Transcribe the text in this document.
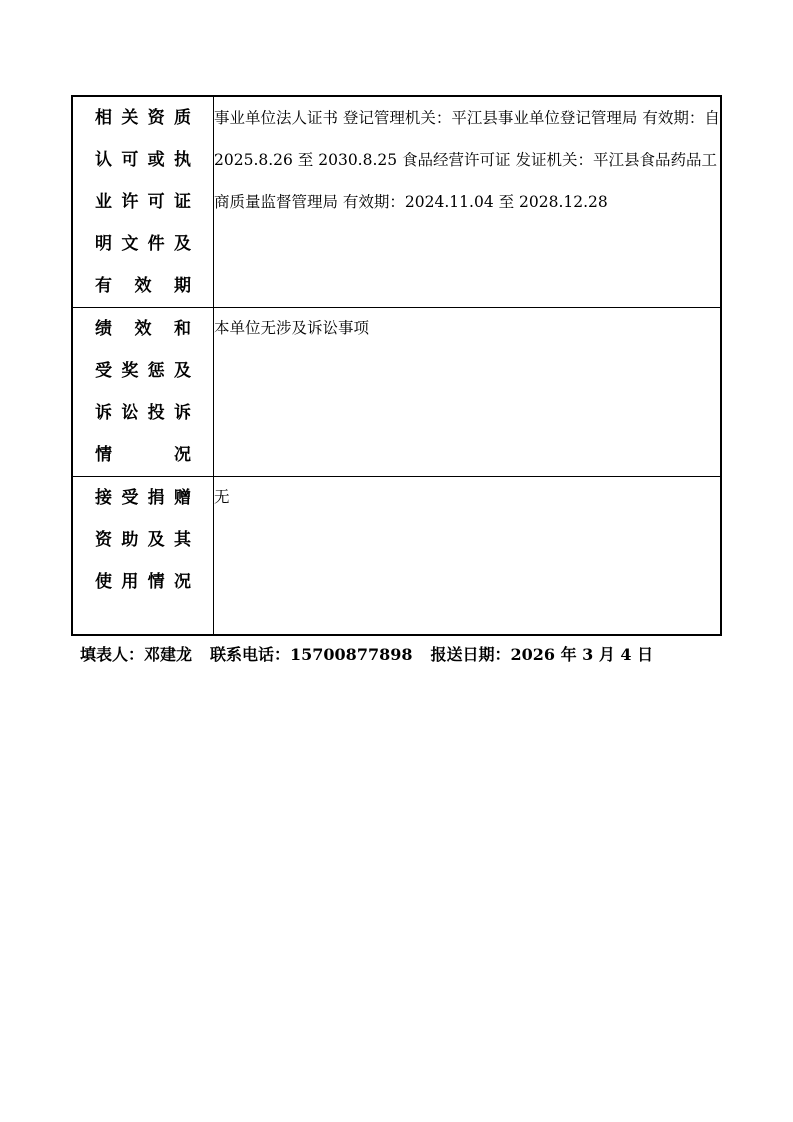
相关资质
认可或执
业许可证
明文件及
有效期	事业单位法人证书 登记管理机关：平江县事业单位登记管理局 有效期：自 2025.8.26 至 2030.8.25 食品经营许可证 发证机关：平江县食品药品工商质量监督管理局 有效期：2024.11.04 至 2028.12.28

绩效和
受奖惩及
诉讼投诉
情况	本单位无涉及诉讼事项

接受捐赠
资助及其
使用情况	无
填表人：邓建龙 联系电话：15700877898 报送日期：2026 年 3 月 4 日
